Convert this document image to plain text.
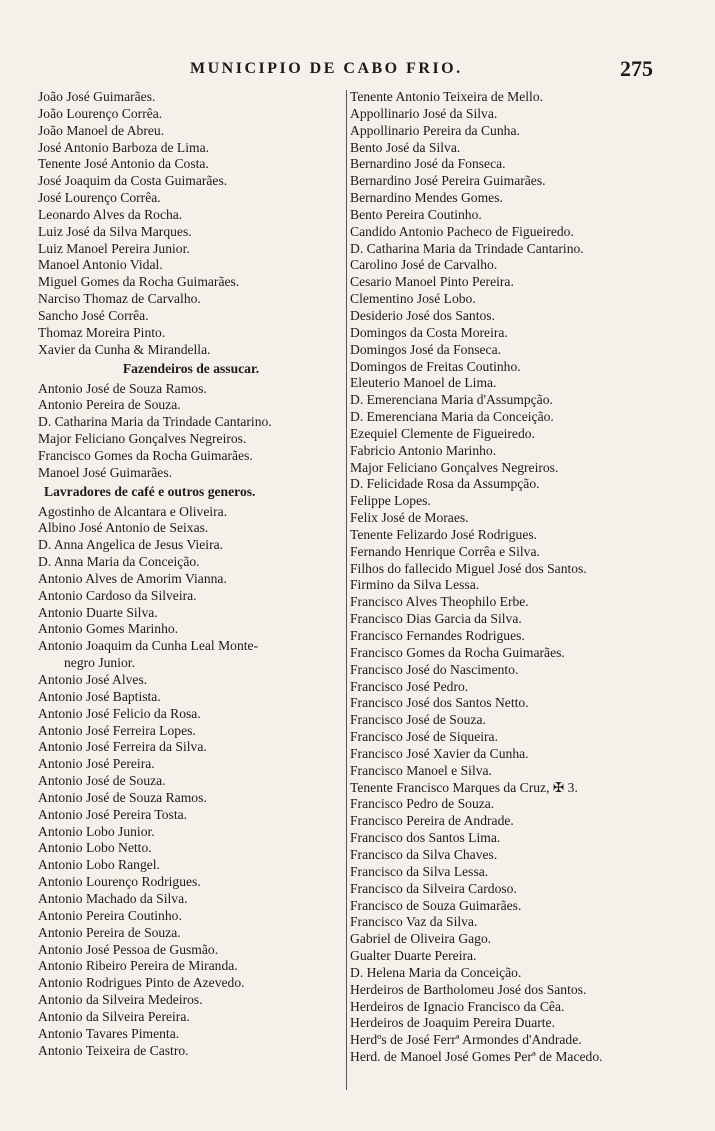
MUNICIPIO DE CABO FRIO.	275
João José Guimarães.
João Lourenço Corrêa.
João Manoel de Abreu.
José Antonio Barboza de Lima.
Tenente José Antonio da Costa.
José Joaquim da Costa Guimarães.
José Lourenço Corrêa.
Leonardo Alves da Rocha.
Luiz José da Silva Marques.
Luiz Manoel Pereira Junior.
Manoel Antonio Vidal.
Miguel Gomes da Rocha Guimarães.
Narciso Thomaz de Carvalho.
Sancho José Corrêa.
Thomaz Moreira Pinto.
Xavier da Cunha & Mirandella.
Fazendeiros de assucar.
Antonio José de Souza Ramos.
Antonio Pereira de Souza.
D. Catharina Maria da Trindade Cantarino.
Major Feliciano Gonçalves Negreiros.
Francisco Gomes da Rocha Guimarães.
Manoel José Guimarães.
Lavradores de café e outros generos.
Agostinho de Alcantara e Oliveira.
Albino José Antonio de Seixas.
D. Anna Angelica de Jesus Vieira.
D. Anna Maria da Conceição.
Antonio Alves de Amorim Vianna.
Antonio Cardoso da Silveira.
Antonio Duarte Silva.
Antonio Gomes Marinho.
Antonio Joaquim da Cunha Leal Monte-
negro Junior.
Antonio José Alves.
Antonio José Baptista.
Antonio José Felicio da Rosa.
Antonio José Ferreira Lopes.
Antonio José Ferreira da Silva.
Antonio José Pereira.
Antonio José de Souza.
Antonio José de Souza Ramos.
Antonio José Pereira Tosta.
Antonio Lobo Junior.
Antonio Lobo Netto.
Antonio Lobo Rangel.
Antonio Lourenço Rodrigues.
Antonio Machado da Silva.
Antonio Pereira Coutinho.
Antonio Pereira de Souza.
Antonio José Pessoa de Gusmão.
Antonio Ribeiro Pereira de Miranda.
Antonio Rodrigues Pinto de Azevedo.
Antonio da Silveira Medeiros.
Antonio da Silveira Pereira.
Antonio Tavares Pimenta.
Antonio Teixeira de Castro.
Tenente Antonio Teixeira de Mello.
Appollinario José da Silva.
Appollinario Pereira da Cunha.
Bento José da Silva.
Bernardino José da Fonseca.
Bernardino José Pereira Guimarães.
Bernardino Mendes Gomes.
Bento Pereira Coutinho.
Candido Antonio Pacheco de Figueiredo.
D. Catharina Maria da Trindade Cantarino.
Carolino José de Carvalho.
Cesario Manoel Pinto Pereira.
Clementino José Lobo.
Desiderio José dos Santos.
Domingos da Costa Moreira.
Domingos José da Fonseca.
Domingos de Freitas Coutinho.
Eleuterio Manoel de Lima.
D. Emerenciana Maria d'Assumpção.
D. Emerenciana Maria da Conceição.
Ezequiel Clemente de Figueiredo.
Fabricio Antonio Marinho.
Major Feliciano Gonçalves Negreiros.
D. Felicidade Rosa da Assumpção.
Felippe Lopes.
Felix José de Moraes.
Tenente Felizardo José Rodrigues.
Fernando Henrique Corrêa e Silva.
Filhos do fallecido Miguel José dos Santos.
Firmino da Silva Lessa.
Francisco Alves Theophilo Erbe.
Francisco Dias Garcia da Silva.
Francisco Fernandes Rodrigues.
Francisco Gomes da Rocha Guimarães.
Francisco José do Nascimento.
Francisco José Pedro.
Francisco José dos Santos Netto.
Francisco José de Souza.
Francisco José de Siqueira.
Francisco José Xavier da Cunha.
Francisco Manoel e Silva.
Tenente Francisco Marques da Cruz, ✠ 3.
Francisco Pedro de Souza.
Francisco Pereira de Andrade.
Francisco dos Santos Lima.
Francisco da Silva Chaves.
Francisco da Silva Lessa.
Francisco da Silveira Cardoso.
Francisco de Souza Guimarães.
Francisco Vaz da Silva.
Gabriel de Oliveira Gago.
Gualter Duarte Pereira.
D. Helena Maria da Conceição.
Herdeiros de Bartholomeu José dos Santos.
Herdeiros de Ignacio Francisco da Cêa.
Herdeiros de Joaquim Pereira Duarte.
Herdºs de José Ferrª Armondes d'Andrade.
Herd. de Manoel José Gomes Perª de Macedo.
